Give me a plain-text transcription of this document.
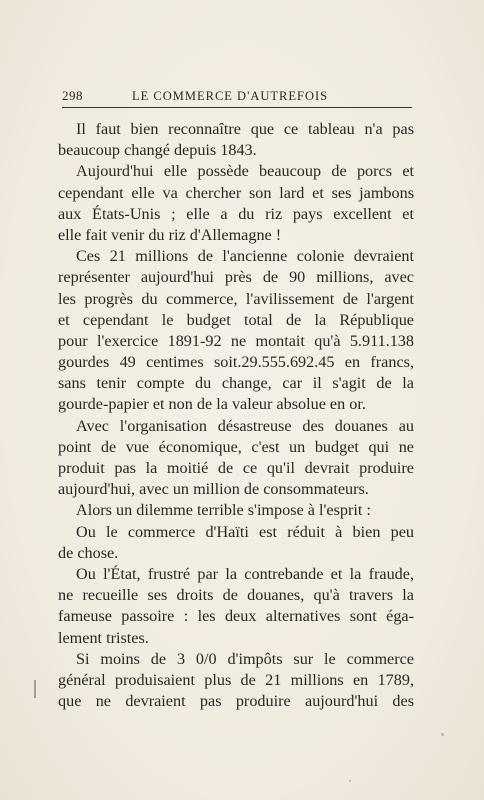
298	LE COMMERCE D'AUTREFOIS
Il faut bien reconnaître que ce tableau n'a pas
beaucoup changé depuis 1843.
Aujourd'hui elle possède beaucoup de porcs et
cependant elle va chercher son lard et ses jambons
aux États-Unis ; elle a du riz pays excellent et
elle fait venir du riz d'Allemagne !
Ces 21 millions de l'ancienne colonie devraient
représenter aujourd'hui près de 90 millions, avec
les progrès du commerce, l'avilissement de l'argent
et cependant le budget total de la République
pour l'exercice 1891-92 ne montait qu'à 5.911.138
gourdes 49 centimes soit.29.555.692.45 en francs,
sans tenir compte du change, car il s'agit de la
gourde-papier et non de la valeur absolue en or.
Avec l'organisation désastreuse des douanes au
point de vue économique, c'est un budget qui ne
produit pas la moitié de ce qu'il devrait produire
aujourd'hui, avec un million de consommateurs.
Alors un dilemme terrible s'impose à l'esprit :
Ou le commerce d'Haïti est réduit à bien peu
de chose.
Ou l'État, frustré par la contrebande et la fraude,
ne recueille ses droits de douanes, qu'à travers la
fameuse passoire : les deux alternatives sont éga-
lement tristes.
Si moins de 3 0/0 d'impôts sur le commerce
général produisaient plus de 21 millions en 1789,
que ne devraient pas produire aujourd'hui des
